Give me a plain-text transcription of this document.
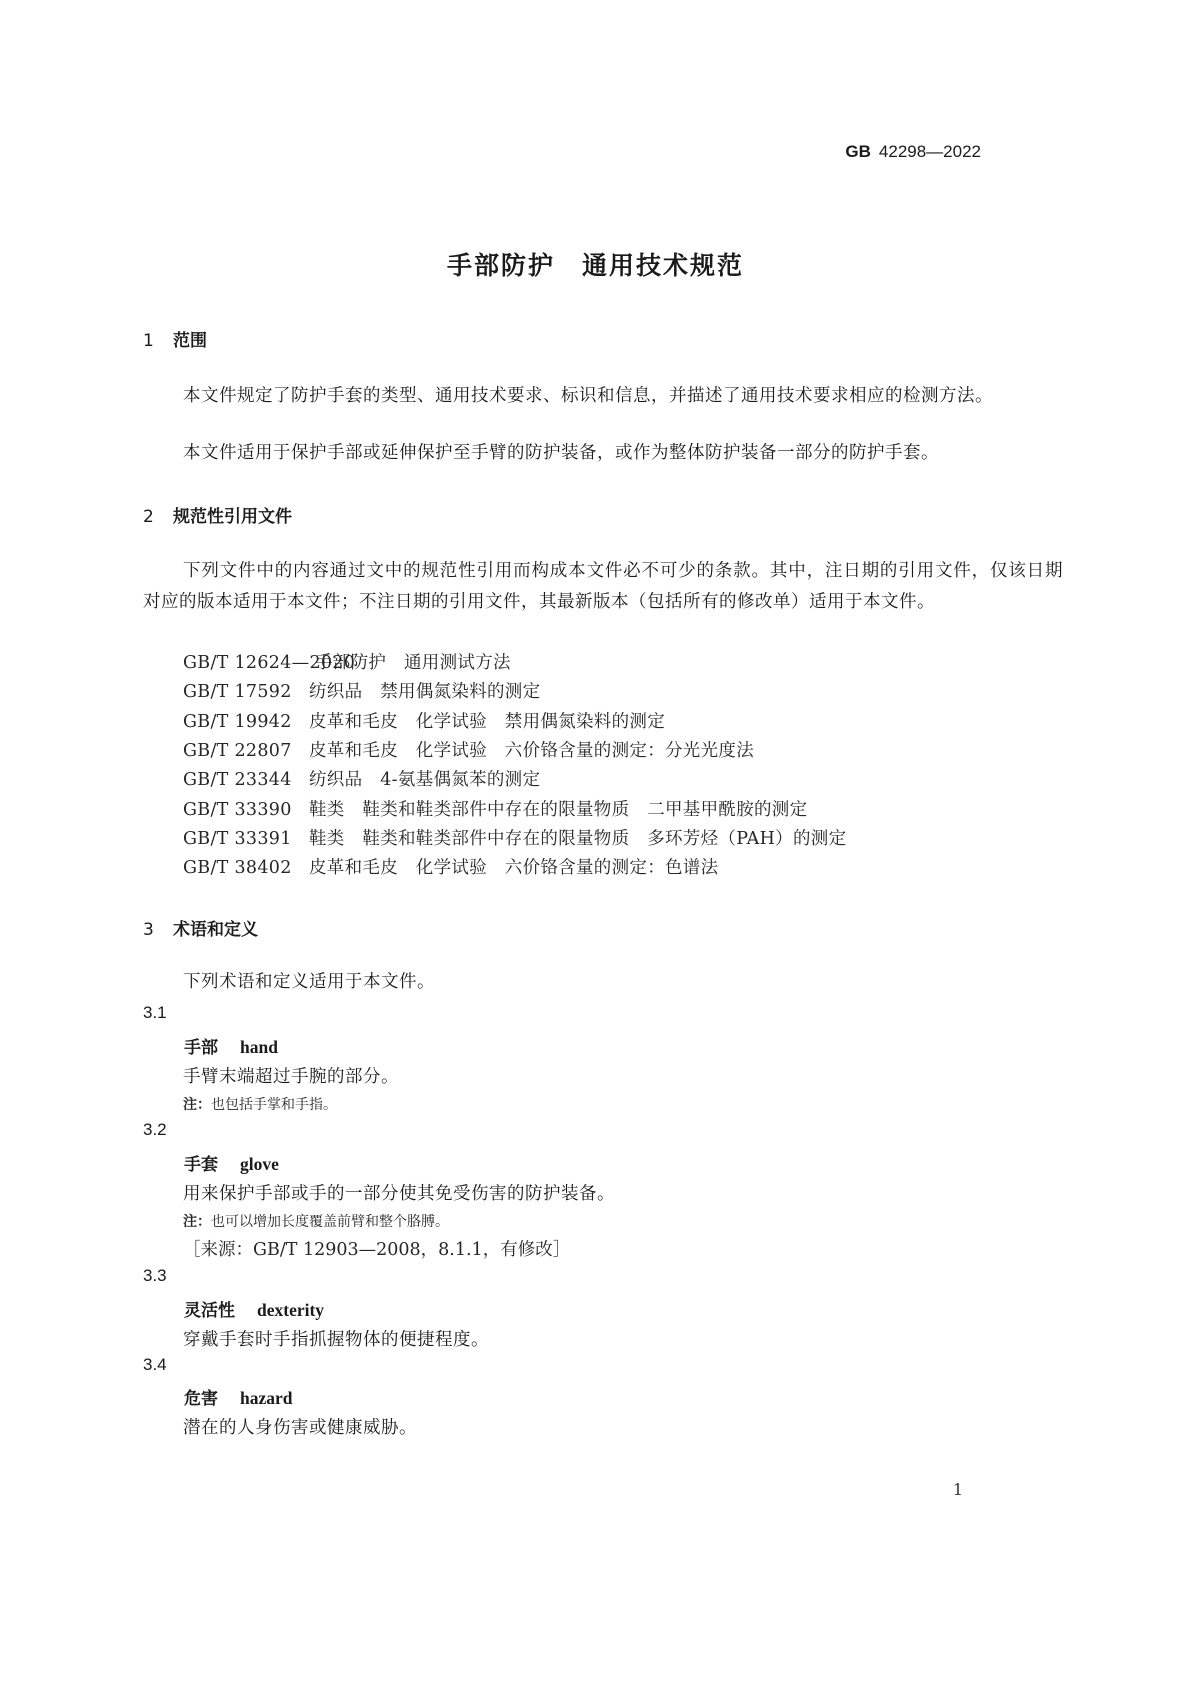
GB 42298—2022
手部防护　通用技术规范
1 范围
本文件规定了防护手套的类型、通用技术要求、标识和信息，并描述了通用技术要求相应的检测方法。
本文件适用于保护手部或延伸保护至手臂的防护装备，或作为整体防护装备一部分的防护手套。
2 规范性引用文件
下列文件中的内容通过文中的规范性引用而构成本文件必不可少的条款。其中，注日期的引用文件，仅该日期对应的版本适用于本文件；不注日期的引用文件，其最新版本（包括所有的修改单）适用于本文件。
GB/T 12624—2020手部防护　通用测试方法
GB/T 17592 纺织品　禁用偶氮染料的测定
GB/T 19942 皮革和毛皮　化学试验　禁用偶氮染料的测定
GB/T 22807 皮革和毛皮　化学试验　六价铬含量的测定：分光光度法
GB/T 23344 纺织品　4-氨基偶氮苯的测定
GB/T 33390 鞋类　鞋类和鞋类部件中存在的限量物质　二甲基甲酰胺的测定
GB/T 33391 鞋类　鞋类和鞋类部件中存在的限量物质　多环芳烃（PAH）的测定
GB/T 38402 皮革和毛皮　化学试验　六价铬含量的测定：色谱法
3 术语和定义
下列术语和定义适用于本文件。
3.1
手部 hand
手臂末端超过手腕的部分。
注：也包括手掌和手指。
3.2
手套 glove
用来保护手部或手的一部分使其免受伤害的防护装备。
注：也可以增加长度覆盖前臂和整个胳膊。
［来源：GB/T 12903—2008，8.1.1，有修改］
3.3
灵活性 dexterity
穿戴手套时手指抓握物体的便捷程度。
3.4
危害 hazard
潜在的人身伤害或健康威胁。
1
